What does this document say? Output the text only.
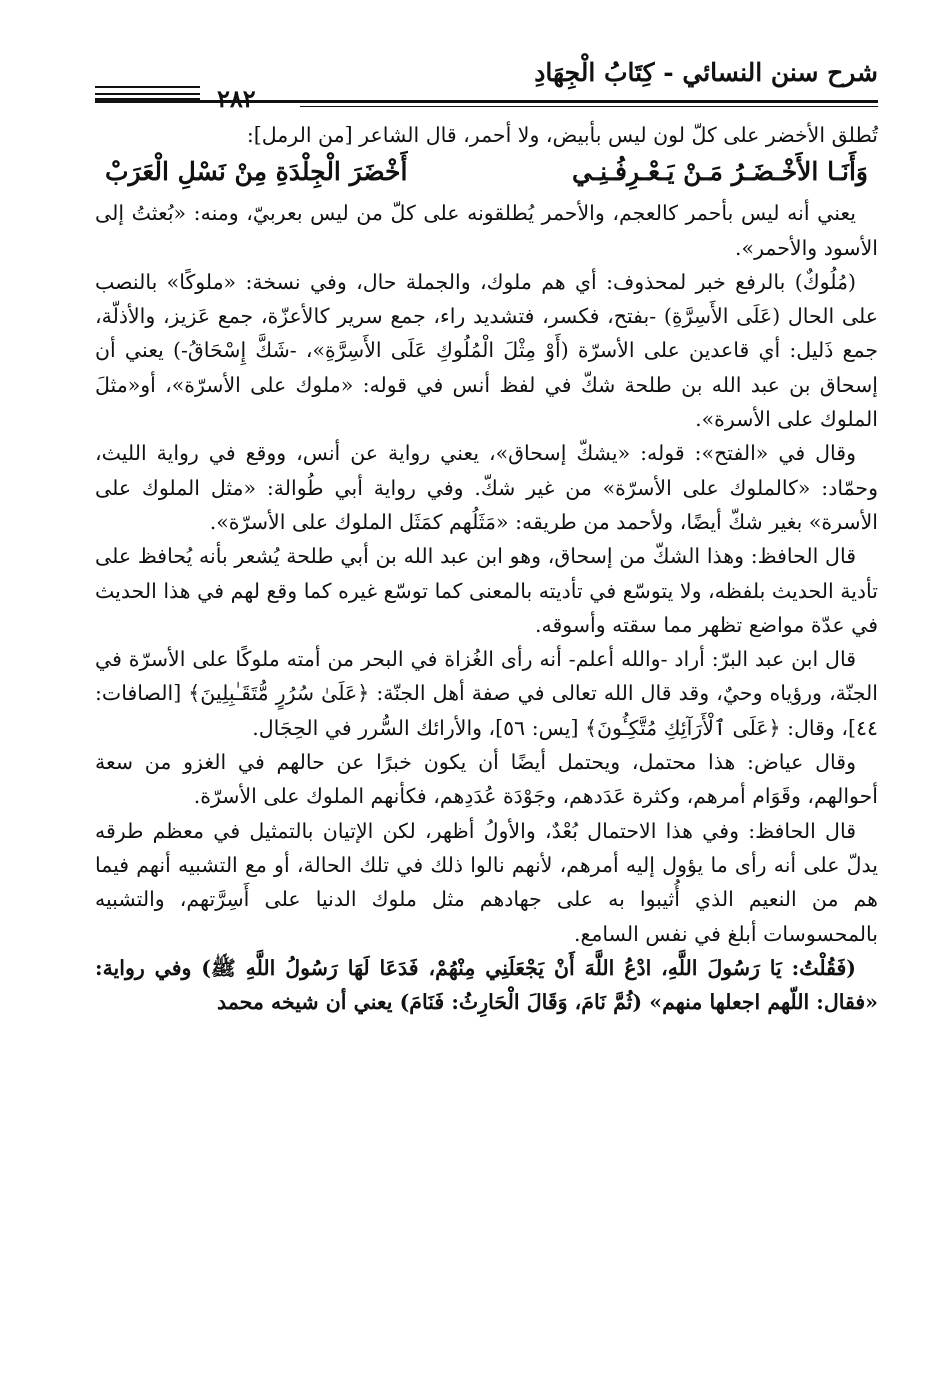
شرح سنن النسائي - كِتَابُ الْجِهَادِ
٢٨٢

تُطلق الأخضر على كلّ لون ليس بأبيض، ولا أحمر، قال الشاعر [من الرمل]:

وَأَنَـا الأَخْـضَـرُ مَـنْ يَـعْـرِفُـنِـي
أَخْضَرَ الْجِلْدَةِ مِنْ نَسْلِ الْعَرَبْ

يعني أنه ليس بأحمر كالعجم، والأحمر يُطلقونه على كلّ من ليس بعربيّ، ومنه: «بُعثتُ إلى الأسود والأحمر».

(مُلُوكٌ) بالرفع خبر لمحذوف: أي هم ملوك، والجملة حال، وفي نسخة: «ملوكًا» بالنصب على الحال (عَلَى الأَسِرَّةِ) -بفتح، فكسر، فتشديد راء، جمع سرير كالأعزّة، جمع عَزيز، والأذلّة، جمع ذَليل: أي قاعدين على الأسرّة (أَوْ مِثْلَ الْمُلُوكِ عَلَى الأَسِرَّةِ»، -شَكَّ إِسْحَاقُ-) يعني أن إسحاق بن عبد الله بن طلحة شكّ في لفظ أنس في قوله: «ملوك على الأسرّة»، أو«مثلَ الملوك على الأسرة».

وقال في «الفتح»: قوله: «يشكّ إسحاق»، يعني رواية عن أنس، ووقع في رواية الليث، وحمّاد: «كالملوك على الأسرّة» من غير شكّ. وفي رواية أبي طُوالة: «مثل الملوك على الأسرة» بغير شكّ أيضًا، ولأحمد من طريقه: «مَثَلُهم كمَثَل الملوك على الأسرّة».

قال الحافظ: وهذا الشكّ من إسحاق، وهو ابن عبد الله بن أبي طلحة يُشعر بأنه يُحافظ على تأدية الحديث بلفظه، ولا يتوسّع في تأديته بالمعنى كما توسّع غيره كما وقع لهم في هذا الحديث في عدّة مواضع تظهر مما سقته وأسوقه.

قال ابن عبد البرّ: أراد -والله أعلم- أنه رأى الغُزاة في البحر من أمته ملوكًا على الأسرّة في الجنّة، ورؤياه وحيٌ، وقد قال الله تعالى في صفة أهل الجنّة: ﴿عَلَىٰ سُرُرٍ مُّتَقَـٰبِلِينَ﴾ [الصافات: ٤٤]، وقال: ﴿عَلَى ٱلْأَرَآئِكِ مُتَّكِـُٔونَ﴾ [يس: ٥٦]، والأرائك السُّرر في الحِجَال.

وقال عياض: هذا محتمل، ويحتمل أيضًا أن يكون خبرًا عن حالهم في الغزو من سعة أحوالهم، وقَوَام أمرهم، وكثرة عَدَدهم، وجَوْدَة عُدَدِهم، فكأنهم الملوك على الأسرّة.

قال الحافظ: وفي هذا الاحتمال بُعْدٌ، والأولُ أظهر، لكن الإتيان بالتمثيل في معظم طرقه يدلّ على أنه رأى ما يؤول إليه أمرهم، لأنهم نالوا ذلك في تلك الحالة، أو مع التشبيه أنهم فيما هم من النعيم الذي أُثيبوا به على جهادهم مثل ملوك الدنيا على أَسِرَّتهم، والتشبيه بالمحسوسات أبلغ في نفس السامع.

(فَقُلْتُ: يَا رَسُولَ اللَّهِ، ادْعُ اللَّهَ أَنْ يَجْعَلَنِي مِنْهُمْ، فَدَعَا لَهَا رَسُولُ اللَّهِ ﷺ) وفي رواية: «فقال: اللّهم اجعلها منهم» (ثُمَّ نَامَ، وَقَالَ الْحَارِثُ: فَنَامَ) يعني أن شيخه محمد
